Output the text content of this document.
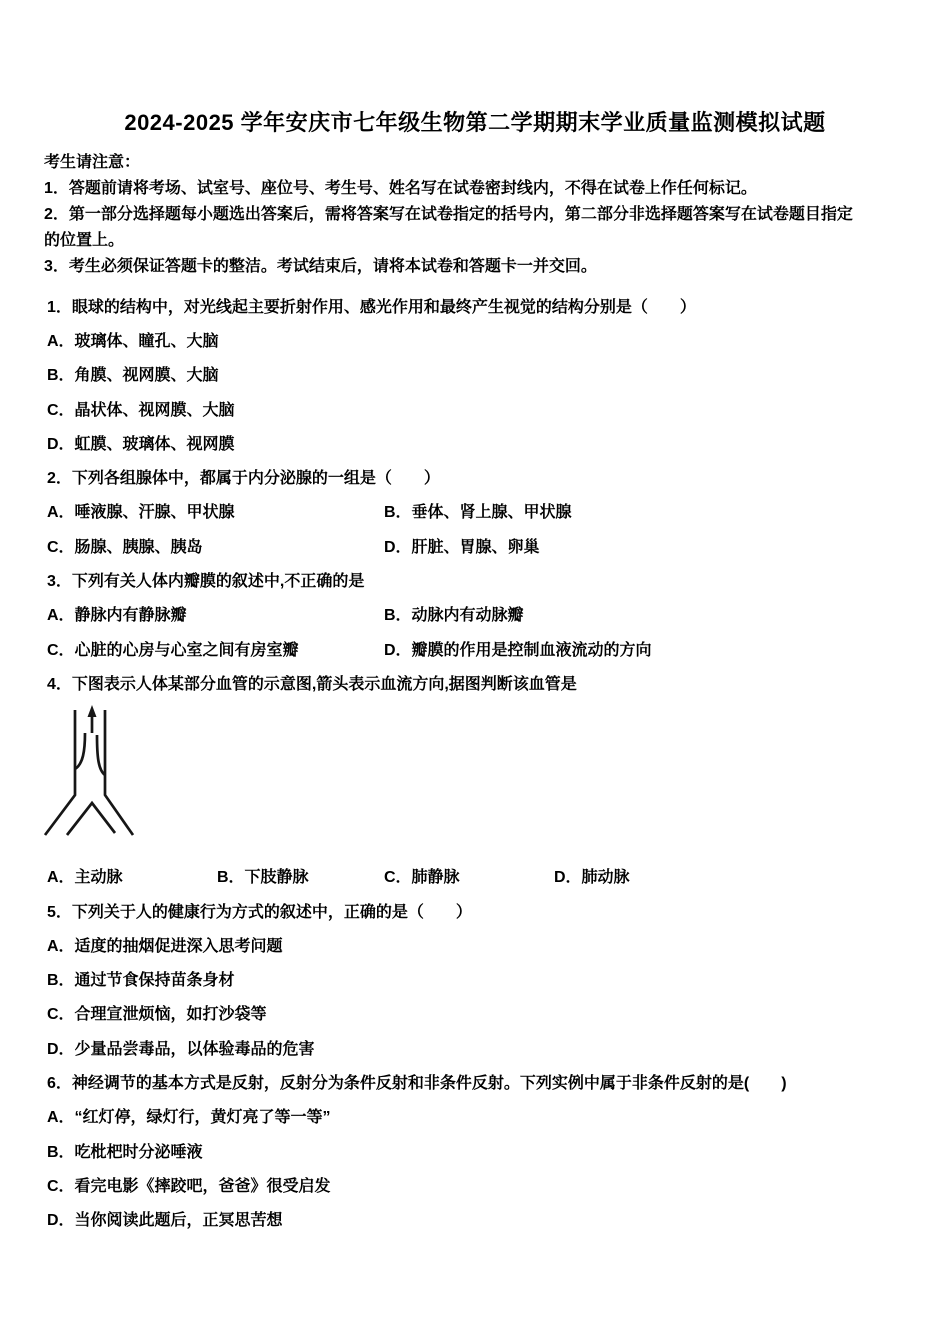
2024-2025 学年安庆市七年级生物第二学期期末学业质量监测模拟试题
考生请注意：
1．答题前请将考场、试室号、座位号、考生号、姓名写在试卷密封线内，不得在试卷上作任何标记。
2．第一部分选择题每小题选出答案后，需将答案写在试卷指定的括号内，第二部分非选择题答案写在试卷题目指定
的位置上。
3．考生必须保证答题卡的整洁。考试结束后，请将本试卷和答题卡一并交回。
1．眼球的结构中，对光线起主要折射作用、感光作用和最终产生视觉的结构分别是（　　）
A．玻璃体、瞳孔、大脑
B．角膜、视网膜、大脑
C．晶状体、视网膜、大脑
D．虹膜、玻璃体、视网膜
2．下列各组腺体中，都属于内分泌腺的一组是（　　）
A．唾液腺、汗腺、甲状腺	B．垂体、肾上腺、甲状腺
C．肠腺、胰腺、胰岛	D．肝脏、胃腺、卵巢
3．下列有关人体内瓣膜的叙述中,不正确的是
A．静脉内有静脉瓣	B．动脉内有动脉瓣
C．心脏的心房与心室之间有房室瓣	D．瓣膜的作用是控制血液流动的方向
4．下图表示人体某部分血管的示意图,箭头表示血流方向,据图判断该血管是
A．主动脉	B．下肢静脉	C．肺静脉	D．肺动脉
5．下列关于人的健康行为方式的叙述中，正确的是（　　）
A．适度的抽烟促进深入思考问题
B．通过节食保持苗条身材
C．合理宣泄烦恼，如打沙袋等
D．少量品尝毒品，以体验毒品的危害
6．神经调节的基本方式是反射，反射分为条件反射和非条件反射。下列实例中属于非条件反射的是(　　)
A．“红灯停，绿灯行，黄灯亮了等一等”
B．吃枇杷时分泌唾液
C．看完电影《摔跤吧，爸爸》很受启发
D．当你阅读此题后，正冥思苦想
